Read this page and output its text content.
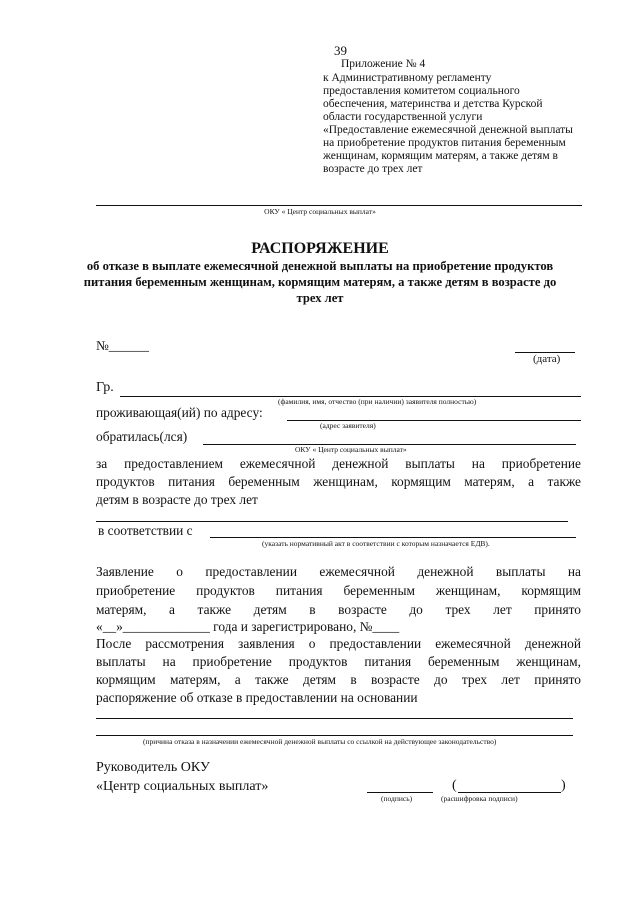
39
Приложение № 4
к Административному регламенту
предоставления комитетом социального
обеспечения, материнства и детства Курской
области государственной услуги
«Предоставление ежемесячной денежной выплаты
на приобретение продуктов питания беременным
женщинам, кормящим матерям, а также детям в
возрасте до трех лет
ОКУ « Центр социальных выплат»
РАСПОРЯЖЕНИЕ
об отказе в выплате ежемесячной денежной выплаты на приобретение продуктов
питания беременным женщинам, кормящим матерям, а также детям в возрасте до
трех лет
№______
(дата)
Гр.
(фамилия, имя, отчество (при наличии) заявителя полностью)
проживающая(ий) по адресу:
(адрес заявителя)
обратилась(лся)
ОКУ « Центр социальных выплат»
за предоставлением ежемесячной денежной выплаты на приобретение
продуктов питания беременным женщинам, кормящим матерям, а также
детям в возрасте до трех лет
в соответствии с
(указать нормативный акт в соответствии с которым назначается ЕДВ).
Заявление о предоставлении ежемесячной денежной выплаты на
приобретение продуктов питания беременным женщинам, кормящим
матерям, а также детям в возрасте до трех лет принято
«__»_____________ года и зарегистрировано, №____
После рассмотрения заявления о предоставлении ежемесячной денежной
выплаты на приобретение продуктов питания беременным женщинам,
кормящим матерям, а также детям в возрасте до трех лет принято
распоряжение об отказе в предоставлении на основании
(причина отказа в назначении ежемесячной денежной выплаты со ссылкой на действующее законодательство)
Руководитель ОКУ
«Центр социальных выплат»
(подпись)
(	)
(расшифровка подписи)
